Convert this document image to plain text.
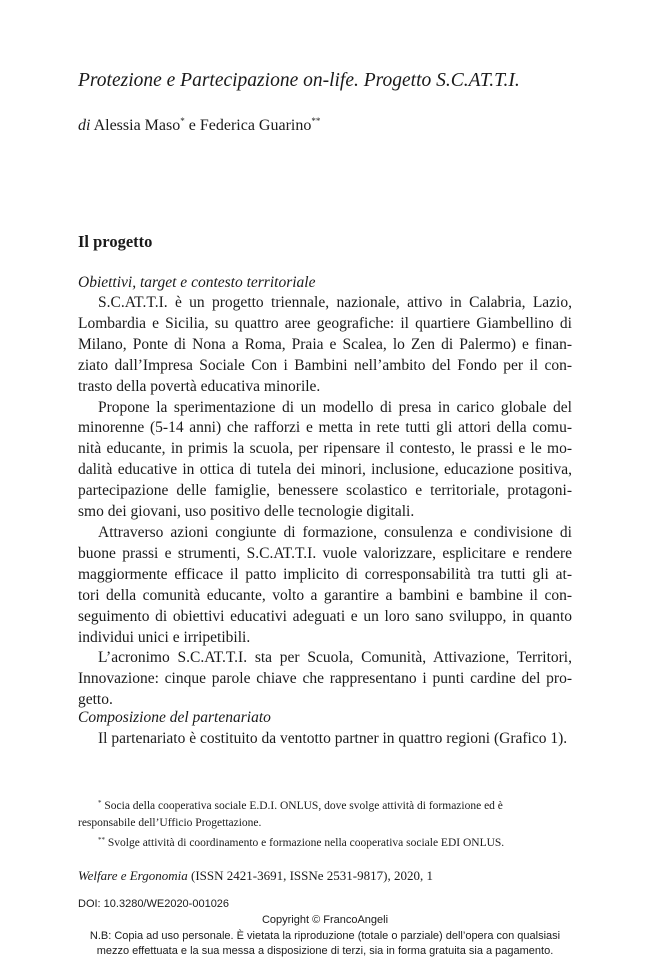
Protezione e Partecipazione on-life. Progetto S.C.AT.T.I.
di Alessia Maso* e Federica Guarino**
Il progetto
Obiettivi, target e contesto territoriale
S.C.AT.T.I. è un progetto triennale, nazionale, attivo in Calabria, Lazio,
Lombardia e Sicilia, su quattro aree geografiche: il quartiere Giambellino di
Milano, Ponte di Nona a Roma, Praia e Scalea, lo Zen di Palermo) e finan-
ziato dall’Impresa Sociale Con i Bambini nell’ambito del Fondo per il con-
trasto della povertà educativa minorile.
Propone la sperimentazione di un modello di presa in carico globale del
minorenne (5-14 anni) che rafforzi e metta in rete tutti gli attori della comu-
nità educante, in primis la scuola, per ripensare il contesto, le prassi e le mo-
dalità educative in ottica di tutela dei minori, inclusione, educazione positiva,
partecipazione delle famiglie, benessere scolastico e territoriale, protagoni-
smo dei giovani, uso positivo delle tecnologie digitali.
Attraverso azioni congiunte di formazione, consulenza e condivisione di
buone prassi e strumenti, S.C.AT.T.I. vuole valorizzare, esplicitare e rendere
maggiormente efficace il patto implicito di corresponsabilità tra tutti gli at-
tori della comunità educante, volto a garantire a bambini e bambine il con-
seguimento di obiettivi educativi adeguati e un loro sano sviluppo, in quanto
individui unici e irripetibili.
L’acronimo S.C.AT.T.I. sta per Scuola, Comunità, Attivazione, Territori,
Innovazione: cinque parole chiave che rappresentano i punti cardine del pro-
getto.
Composizione del partenariato
Il partenariato è costituito da ventotto partner in quattro regioni (Grafico 1).
* Socia della cooperativa sociale E.D.I. ONLUS, dove svolge attività di formazione ed è
responsabile dell’Ufficio Progettazione.
** Svolge attività di coordinamento e formazione nella cooperativa sociale EDI ONLUS.
Welfare e Ergonomia (ISSN 2421-3691, ISSNe 2531-9817), 2020, 1
DOI: 10.3280/WE2020-001026
Copyright © FrancoAngeli
N.B: Copia ad uso personale. È vietata la riproduzione (totale o parziale) dell’opera con qualsiasi
mezzo effettuata e la sua messa a disposizione di terzi, sia in forma gratuita sia a pagamento.
